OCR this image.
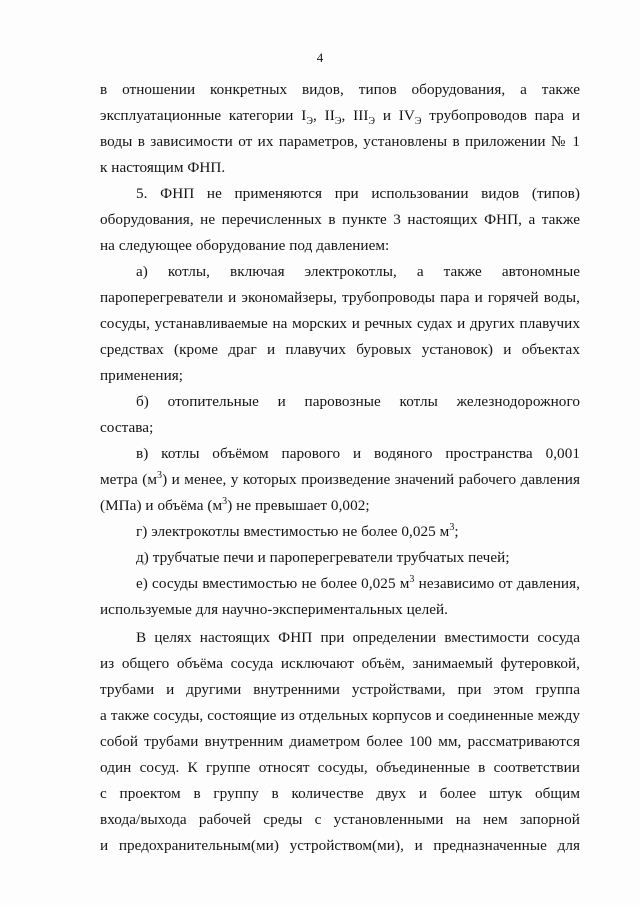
4
в отношении конкретных видов, типов оборудования, а также
эксплуатационные категории $I_Э$, $II_Э$, $III_Э$ и $IV_Э$ трубопроводов пара и
воды в зависимости от их параметров, установлены в приложении № 1
к настоящим ФНП.
5. ФНП не применяются при использовании видов (типов)
оборудования, не перечисленных в пункте 3 настоящих ФНП, а также
на следующее оборудование под давлением:
а) котлы, включая электрокотлы, а также автономные
пароперегреватели и экономайзеры, трубопроводы пара и горячей воды,
сосуды, устанавливаемые на морских и речных судах и других плавучих
средствах (кроме драг и плавучих буровых установок) и объектах
применения;
б) отопительные и паровозные котлы железнодорожного
состава;
в) котлы объёмом парового и водяного пространства 0,001
метра $(м^3)$ и менее, у которых произведение значений рабочего давления
(МПа) и объёма $(м^3)$ не превышает 0,002;
г) электрокотлы вместимостью не более 0,025 $м^3$;
д) трубчатые печи и пароперегреватели трубчатых печей;
е) сосуды вместимостью не более 0,025 $м^3$ независимо от давления,
используемые для научно-экспериментальных целей.
В целях настоящих ФНП при определении вместимости сосуда
из общего объёма сосуда исключают объём, занимаемый футеровкой,
трубами и другими внутренними устройствами, при этом группа
а также сосуды, состоящие из отдельных корпусов и соединенные между
собой трубами внутренним диаметром более 100 мм, рассматриваются
один сосуд. К группе относят сосуды, объединенные в соответствии
с проектом в группу в количестве двух и более штук общим
входа/выхода рабочей среды с установленными на нем запорной
и предохранительным(ми) устройством(ми), и предназначенные для
